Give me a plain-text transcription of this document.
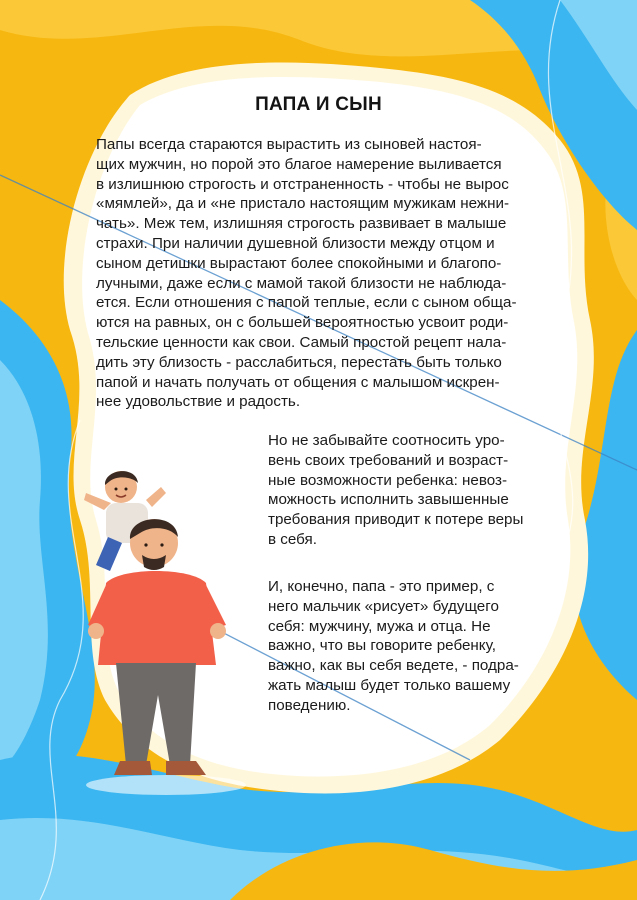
ПАПА И СЫН

Папы всегда стараются вырастить из сыновей настоя-
щих мужчин, но порой это благое намерение выливается
в излишнюю строгость и отстраненность - чтобы не вырос
«мямлей», да и «не пристало настоящим мужикам нежни-
чать». Меж тем, излишняя строгость развивает в малыше
страхи. При наличии душевной близости между отцом и
сыном детишки вырастают более спокойными и благопо-
лучными, даже если с мамой такой близости не наблюда-
ется. Если отношения с папой теплые, если с сыном обща-
ются на равных, он с большей вероятностью усвоит роди-
тельские ценности как свои. Самый простой рецепт нала-
дить эту близость - расслабиться, перестать быть только
папой и начать получать от общения с малышом искрен-
нее удовольствие и радость.

Но не забывайте соотносить уро-
вень своих требований и возраст-
ные возможности ребенка: невоз-
можность исполнить завышенные
требования приводит к потере веры
в себя.

И, конечно, папа - это пример, с
него мальчик «рисует» будущего
себя: мужчину, мужа и отца. Не
важно, что вы говорите ребенку,
важно, как вы себя ведете, - подра-
жать малыш будет только вашему
поведению.
